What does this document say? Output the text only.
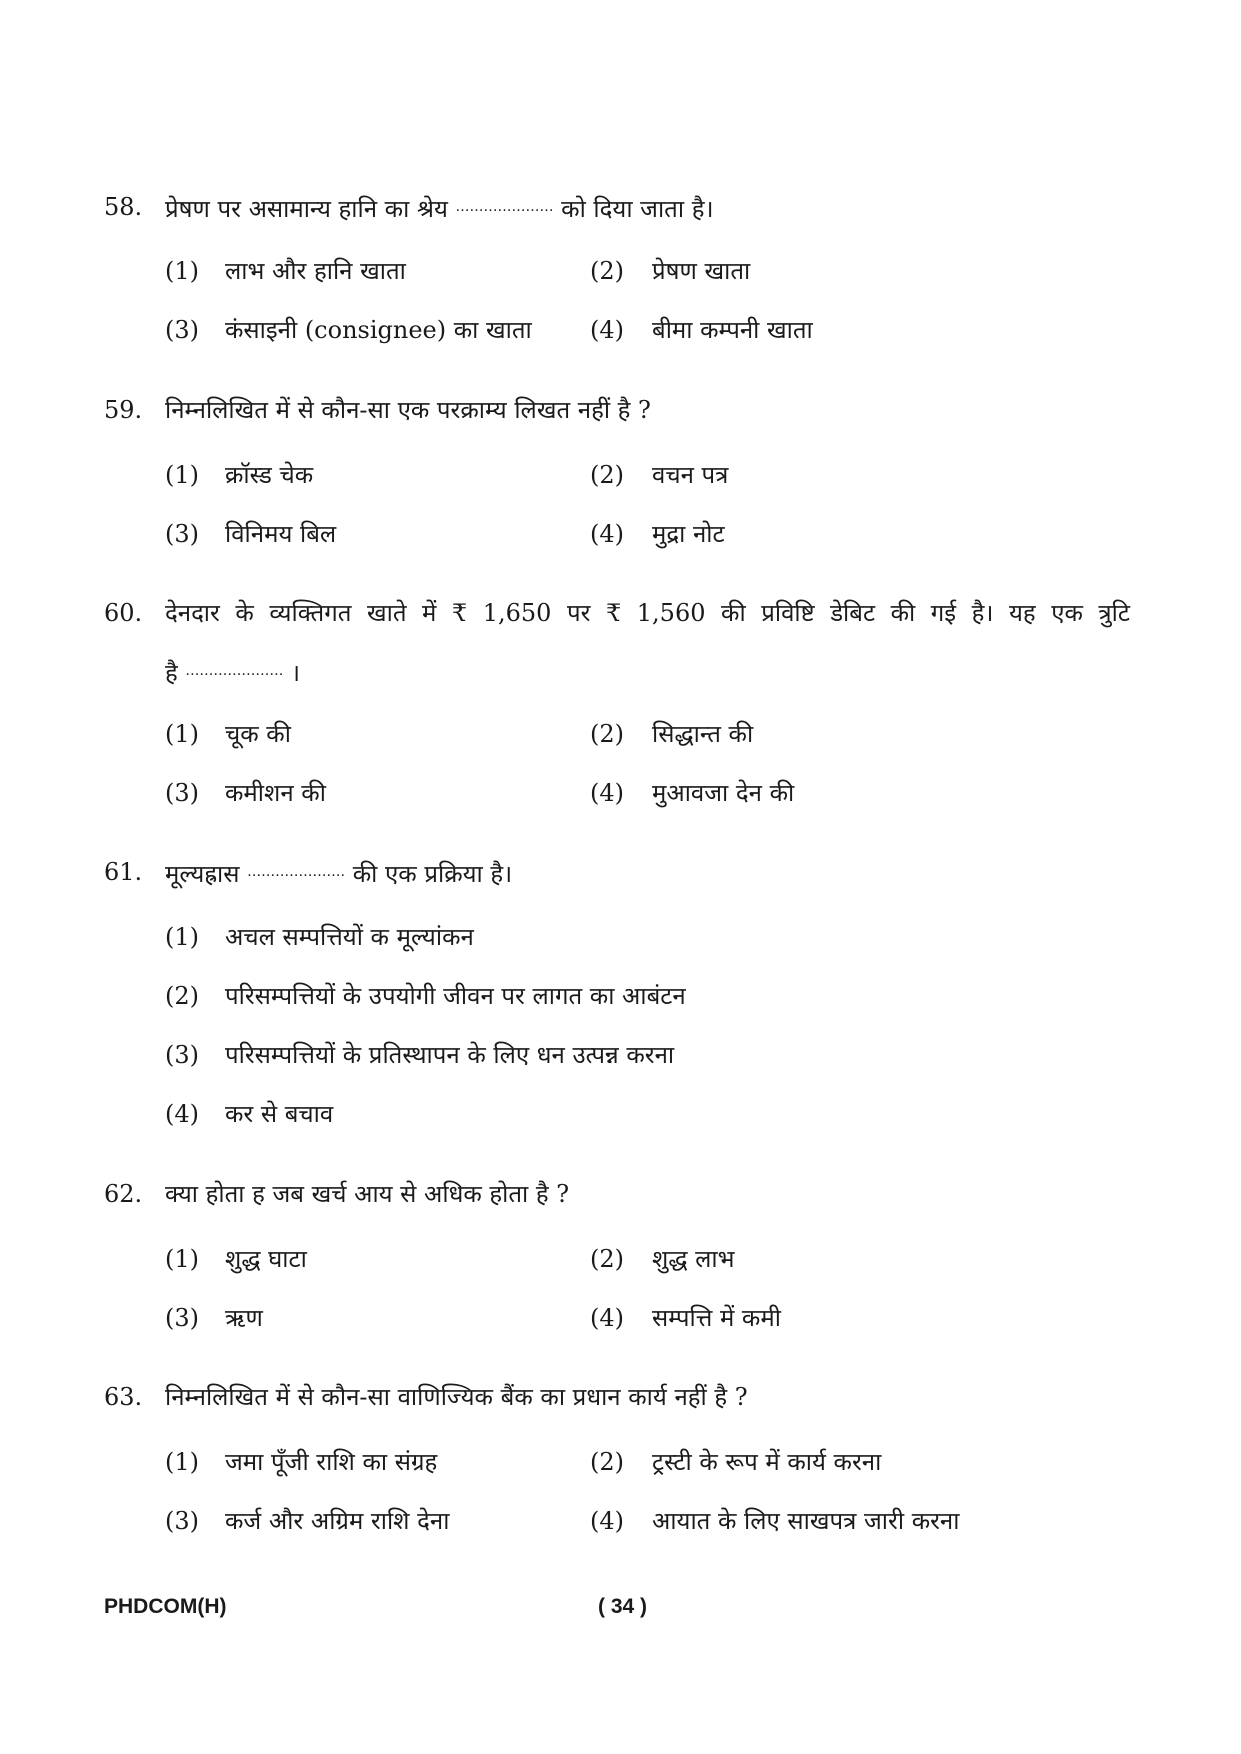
58. प्रेषण पर असामान्य हानि का श्रेय ………………… को दिया जाता है।
(1) लाभ और हानि खाता	(2) प्रेषण खाता
(3) कंसाइनी (consignee) का खाता (4) बीमा कम्पनी खाता
59. निम्नलिखित में से कौन-सा एक परक्राम्य लिखत नहीं है ?
(1) क्रॉस्ड चेक	(2) वचन पत्र
(3) विनिमय बिल	(4) मुद्रा नोट
60. देनदार के व्यक्तिगत खाते में ₹ 1,650 पर ₹ 1,560 की प्रविष्टि डेबिट की गई है। यह एक त्रुटि
है ………………… ।
(1) चूक की	(2) सिद्धान्त की
(3) कमीशन की	(4) मुआवजा देन की
61. मूल्यह्रास ………………… की एक प्रक्रिया है।
(1) अचल सम्पत्तियों क मूल्यांकन
(2) परिसम्पत्तियों के उपयोगी जीवन पर लागत का आबंटन
(3) परिसम्पत्तियों के प्रतिस्थापन के लिए धन उत्पन्न करना
(4) कर से बचाव
62. क्या होता ह जब खर्च आय से अधिक होता है ?
(1) शुद्ध घाटा	(2) शुद्ध लाभ
(3) ऋण	(4) सम्पत्ति में कमी
63. निम्नलिखित में से कौन-सा वाणिज्यिक बैंक का प्रधान कार्य नहीं है ?
(1) जमा पूँजी राशि का संग्रह	(2) ट्रस्टी के रूप में कार्य करना
(3) कर्ज और अग्रिम राशि देना	(4) आयात के लिए साखपत्र जारी करना
PHDCOM(H)	( 34 )
